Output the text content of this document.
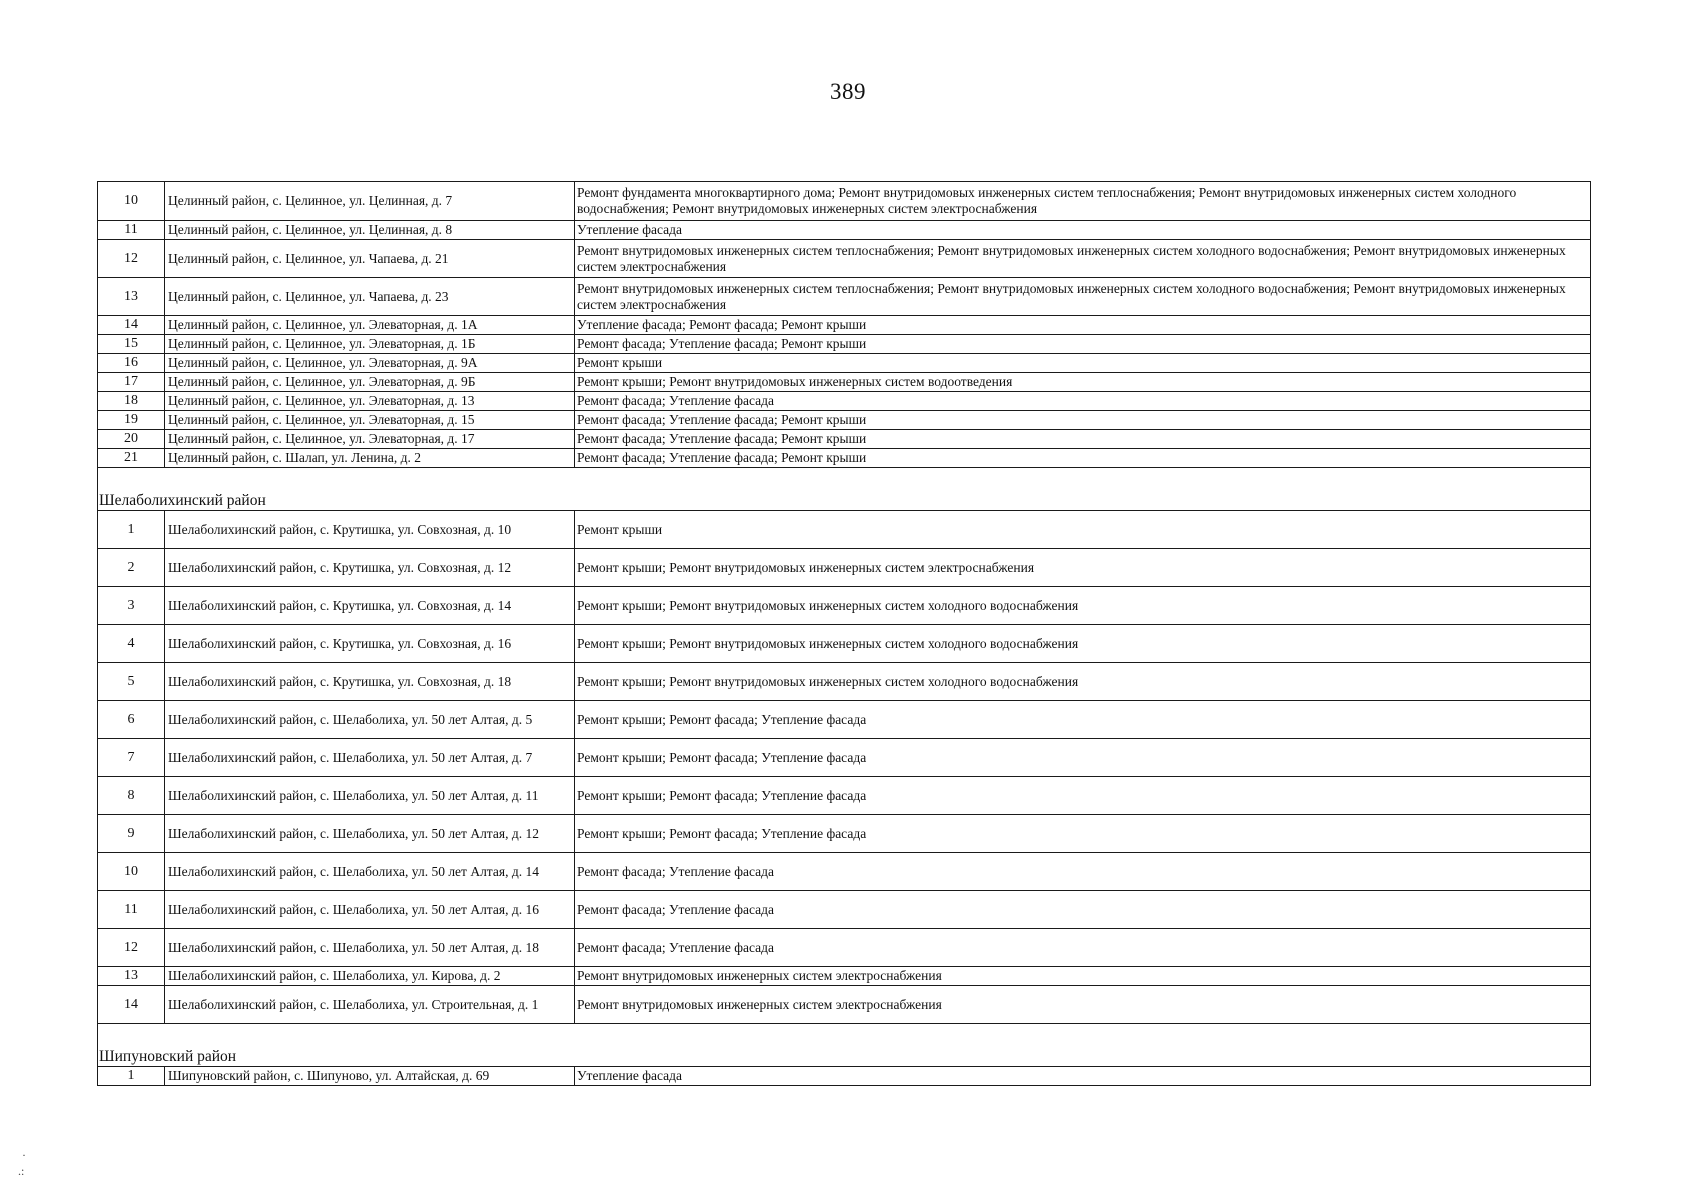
389
10	Целинный район, с. Целинное, ул. Целинная, д. 7	Ремонт фундамента многоквартирного дома; Ремонт внутридомовых инженерных систем теплоснабжения; Ремонт внутридомовых инженерных систем холодного водоснабжения; Ремонт внутридомовых инженерных систем электроснабжения
11	Целинный район, с. Целинное, ул. Целинная, д. 8	Утепление фасада
12	Целинный район, с. Целинное, ул. Чапаева, д. 21	Ремонт внутридомовых инженерных систем теплоснабжения; Ремонт внутридомовых инженерных систем холодного водоснабжения; Ремонт внутридомовых инженерных систем электроснабжения
13	Целинный район, с. Целинное, ул. Чапаева, д. 23	Ремонт внутридомовых инженерных систем теплоснабжения; Ремонт внутридомовых инженерных систем холодного водоснабжения; Ремонт внутридомовых инженерных систем электроснабжения
14	Целинный район, с. Целинное, ул. Элеваторная, д. 1А	Утепление фасада; Ремонт фасада; Ремонт крыши
15	Целинный район, с. Целинное, ул. Элеваторная, д. 1Б	Ремонт фасада; Утепление фасада; Ремонт крыши
16	Целинный район, с. Целинное, ул. Элеваторная, д. 9А	Ремонт крыши
17	Целинный район, с. Целинное, ул. Элеваторная, д. 9Б	Ремонт крыши; Ремонт внутридомовых инженерных систем водоотведения
18	Целинный район, с. Целинное, ул. Элеваторная, д. 13	Ремонт фасада; Утепление фасада
19	Целинный район, с. Целинное, ул. Элеваторная, д. 15	Ремонт фасада; Утепление фасада; Ремонт крыши
20	Целинный район, с. Целинное, ул. Элеваторная, д. 17	Ремонт фасада; Утепление фасада; Ремонт крыши
21	Целинный район, с. Шалап, ул. Ленина, д. 2	Ремонт фасада; Утепление фасада; Ремонт крыши
Шелаболихинский район		
1	Шелаболихинский район, с. Крутишка, ул. Совхозная, д. 10	Ремонт крыши
2	Шелаболихинский район, с. Крутишка, ул. Совхозная, д. 12	Ремонт крыши; Ремонт внутридомовых инженерных систем электроснабжения
3	Шелаболихинский район, с. Крутишка, ул. Совхозная, д. 14	Ремонт крыши; Ремонт внутридомовых инженерных систем холодного водоснабжения
4	Шелаболихинский район, с. Крутишка, ул. Совхозная, д. 16	Ремонт крыши; Ремонт внутридомовых инженерных систем холодного водоснабжения
5	Шелаболихинский район, с. Крутишка, ул. Совхозная, д. 18	Ремонт крыши; Ремонт внутридомовых инженерных систем холодного водоснабжения
6	Шелаболихинский район, с. Шелаболиха, ул. 50 лет Алтая, д. 5	Ремонт крыши; Ремонт фасада; Утепление фасада
7	Шелаболихинский район, с. Шелаболиха, ул. 50 лет Алтая, д. 7	Ремонт крыши; Ремонт фасада; Утепление фасада
8	Шелаболихинский район, с. Шелаболиха, ул. 50 лет Алтая, д. 11	Ремонт крыши; Ремонт фасада; Утепление фасада
9	Шелаболихинский район, с. Шелаболиха, ул. 50 лет Алтая, д. 12	Ремонт крыши; Ремонт фасада; Утепление фасада
10	Шелаболихинский район, с. Шелаболиха, ул. 50 лет Алтая, д. 14	Ремонт фасада; Утепление фасада
11	Шелаболихинский район, с. Шелаболиха, ул. 50 лет Алтая, д. 16	Ремонт фасада; Утепление фасада
12	Шелаболихинский район, с. Шелаболиха, ул. 50 лет Алтая, д. 18	Ремонт фасада; Утепление фасада
13	Шелаболихинский район, с. Шелаболиха, ул. Кирова, д. 2	Ремонт внутридомовых инженерных систем электроснабжения
14	Шелаболихинский район, с. Шелаболиха, ул. Строительная, д. 1	Ремонт внутридомовых инженерных систем электроснабжения
Шипуновский район		
1	Шипуновский район, с. Шипуново, ул. Алтайская, д. 69	Утепление фасада
·
.:
